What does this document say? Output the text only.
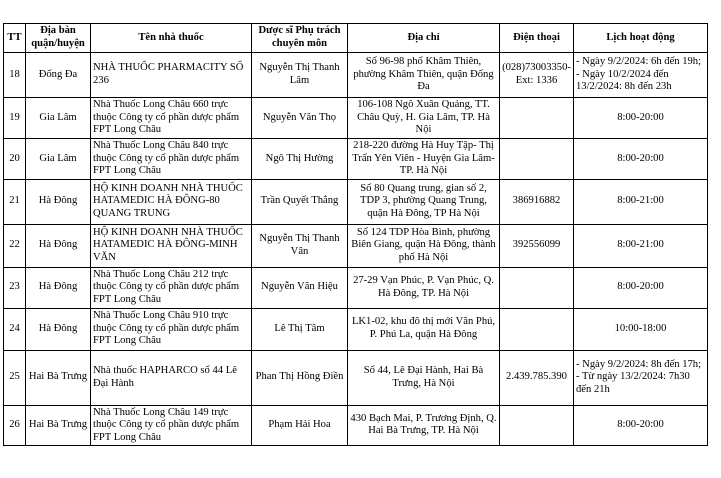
TT	Địa bàn quận/huyện	Tên nhà thuốc	Dược sĩ Phụ trách chuyên môn	Địa chỉ	Điện thoại	Lịch hoạt động
18	Đống Đa	NHÀ THUỐC PHARMACITY SỐ 236	Nguyễn Thị Thanh Lâm	Số 96-98 phố Khâm Thiên, phường Khâm Thiên, quận Đống Đa	(028)73003350- Ext: 1336	- Ngày 9/2/2024: 6h đến 19h; - Ngày 10/2/2024 đến 13/2/2024: 8h đến 23h
19	Gia Lâm	Nhà Thuốc Long Châu 660 trực thuộc Công ty cổ phần dược phẩm FPT Long Châu	Nguyễn Văn Thọ	106-108 Ngô Xuân Quảng, TT. Châu Quỳ, H. Gia Lâm, TP. Hà Nội		8:00-20:00
20	Gia Lâm	Nhà Thuốc Long Châu 840 trực thuộc Công ty cổ phần dược phẩm FPT Long Châu	Ngô Thị Hường	218-220 đường Hà Huy Tập- Thị Trấn Yên Viên - Huyện Gia Lâm- TP. Hà Nội		8:00-20:00
21	Hà Đông	HỘ KINH DOANH NHÀ THUỐC HATAMEDIC HÀ ĐÔNG-80 QUANG TRUNG	Trần Quyết Thắng	Số 80 Quang trung, gian số 2, TDP 3, phường Quang Trung, quận Hà Đông, TP Hà Nội	386916882	8:00-21:00
22	Hà Đông	HỘ KINH DOANH NHÀ THUỐC HATAMEDIC HÀ ĐÔNG-MINH VĂN	Nguyễn Thị Thanh Vân	Số 124 TDP Hòa Bình, phường Biên Giang, quận Hà Đông, thành phố Hà Nội	392556099	8:00-21:00
23	Hà Đông	Nhà Thuốc Long Châu 212 trực thuộc Công ty cổ phần dược phẩm FPT Long Châu	Nguyễn Văn Hiệu	27-29 Vạn Phúc, P. Vạn Phúc, Q. Hà Đông, TP. Hà Nội		8:00-20:00
24	Hà Đông	Nhà Thuốc Long Châu 910 trực thuộc Công ty cổ phần dược phẩm FPT Long Châu	Lê Thị Tâm	LK1-02, khu đô thị mới Văn Phú, P. Phú La, quận Hà Đông		10:00-18:00
25	Hai Bà Trưng	Nhà thuốc HAPHARCO số 44 Lê Đại Hành	Phan Thị Hồng Điền	Số 44, Lê Đại Hành, Hai Bà Trưng, Hà Nội	2.439.785.390	- Ngày 9/2/2024: 8h đến 17h; - Từ ngày 13/2/2024: 7h30 đến 21h
26	Hai Bà Trưng	Nhà Thuốc Long Châu 149 trực thuộc Công ty cổ phần dược phẩm FPT Long Châu	Phạm Hải Hoa	430 Bạch Mai, P. Trương Định, Q. Hai Bà Trưng, TP. Hà Nội		8:00-20:00
